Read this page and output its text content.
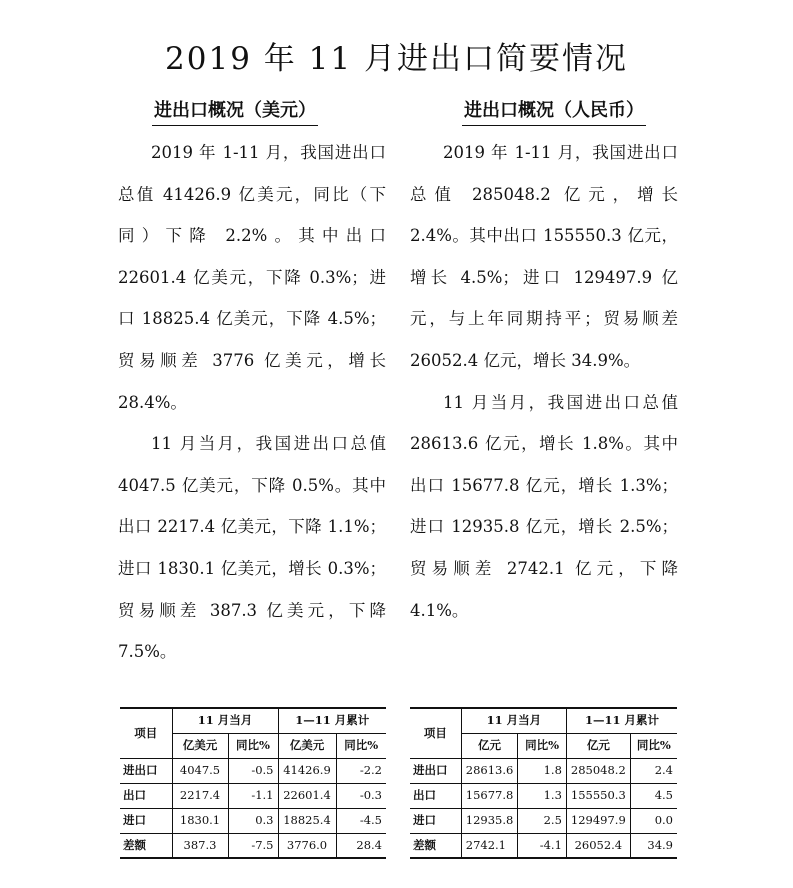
2019 年 11 月进出口简要情况
进出口概况（美元）

2019 年 1-11 月，我国进出口总值 41426.9 亿美元，同比（下同）下降 2.2%。其中出口 22601.4 亿美元，下降 0.3%；进口 18825.4 亿美元，下降 4.5%；贸易顺差 3776 亿美元，增长 28.4%。

11 月当月，我国进出口总值 4047.5 亿美元，下降 0.5%。其中出口 2217.4 亿美元，下降 1.1%；进口 1830.1 亿美元，增长 0.3%；贸易顺差 387.3 亿美元，下降 7.5%。

进出口概况（人民币）

2019 年 1-11 月，我国进出口总值 285048.2 亿元，增长 2.4%。其中出口 155550.3 亿元，增长 4.5%；进口 129497.9 亿元，与上年同期持平；贸易顺差 26052.4 亿元，增长 34.9%。

11 月当月，我国进出口总值 28613.6 亿元，增长 1.8%。其中出口 15677.8 亿元，增长 1.3%；进口 12935.8 亿元，增长 2.5%；贸易顺差 2742.1 亿元，下降 4.1%。

项目	11 月当月		1—11 月累计	
	亿美元	同比%	亿美元	同比%
进出口	4047.5	-0.5	41426.9	-2.2
出口	2217.4	-1.1	22601.4	-0.3
进口	1830.1	0.3	18825.4	-4.5
差额	387.3	-7.5	3776.0	28.4
项目	11 月当月		1—11 月累计	
	亿元	同比%	亿元	同比%
进出口	28613.6	1.8	285048.2	2.4
出口	15677.8	1.3	155550.3	4.5
进口	12935.8	2.5	129497.9	0.0
差额	2742.1	-4.1	26052.4	34.9
